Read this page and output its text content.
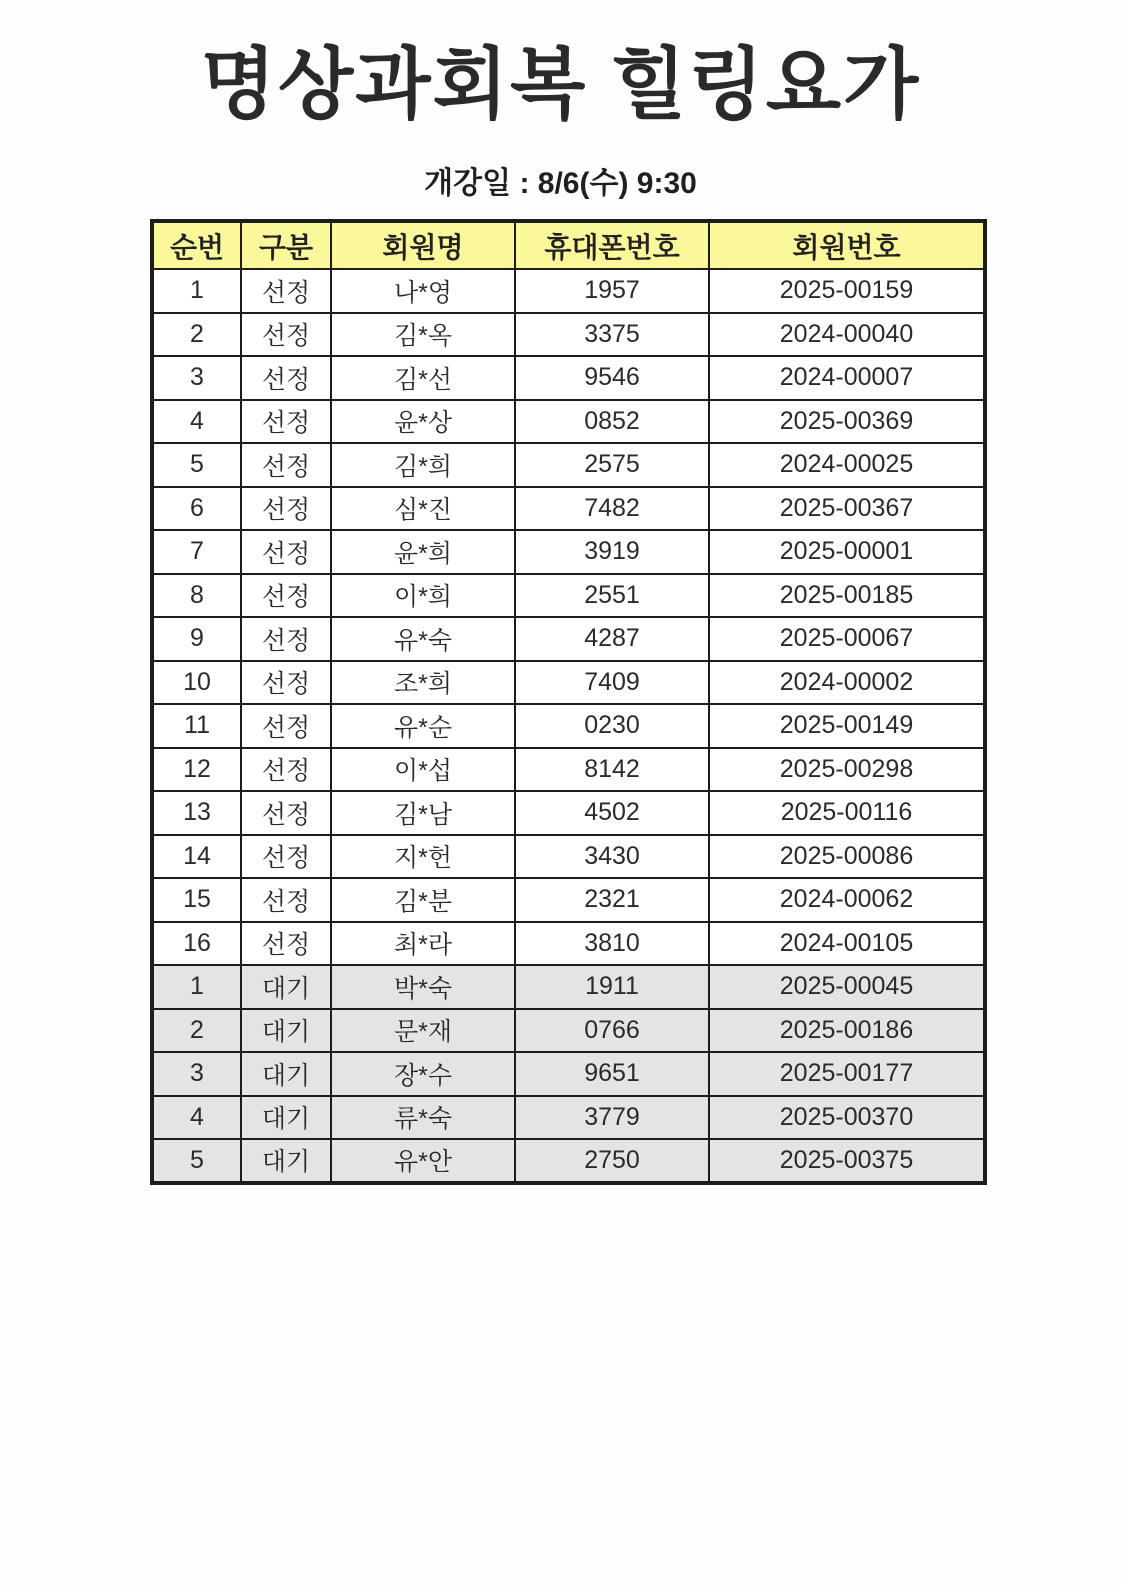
명상과회복 힐링요가
개강일 : 8/6(수) 9:30
순번	구분	회원명	휴대폰번호	회원번호
1	선정	나*영	1957	2025-00159
2	선정	김*옥	3375	2024-00040
3	선정	김*선	9546	2024-00007
4	선정	윤*상	0852	2025-00369
5	선정	김*희	2575	2024-00025
6	선정	심*진	7482	2025-00367
7	선정	윤*희	3919	2025-00001
8	선정	이*희	2551	2025-00185
9	선정	유*숙	4287	2025-00067
10	선정	조*희	7409	2024-00002
11	선정	유*순	0230	2025-00149
12	선정	이*섭	8142	2025-00298
13	선정	김*남	4502	2025-00116
14	선정	지*헌	3430	2025-00086
15	선정	김*분	2321	2024-00062
16	선정	최*라	3810	2024-00105
1	대기	박*숙	1911	2025-00045
2	대기	문*재	0766	2025-00186
3	대기	장*수	9651	2025-00177
4	대기	류*숙	3779	2025-00370
5	대기	유*안	2750	2025-00375
